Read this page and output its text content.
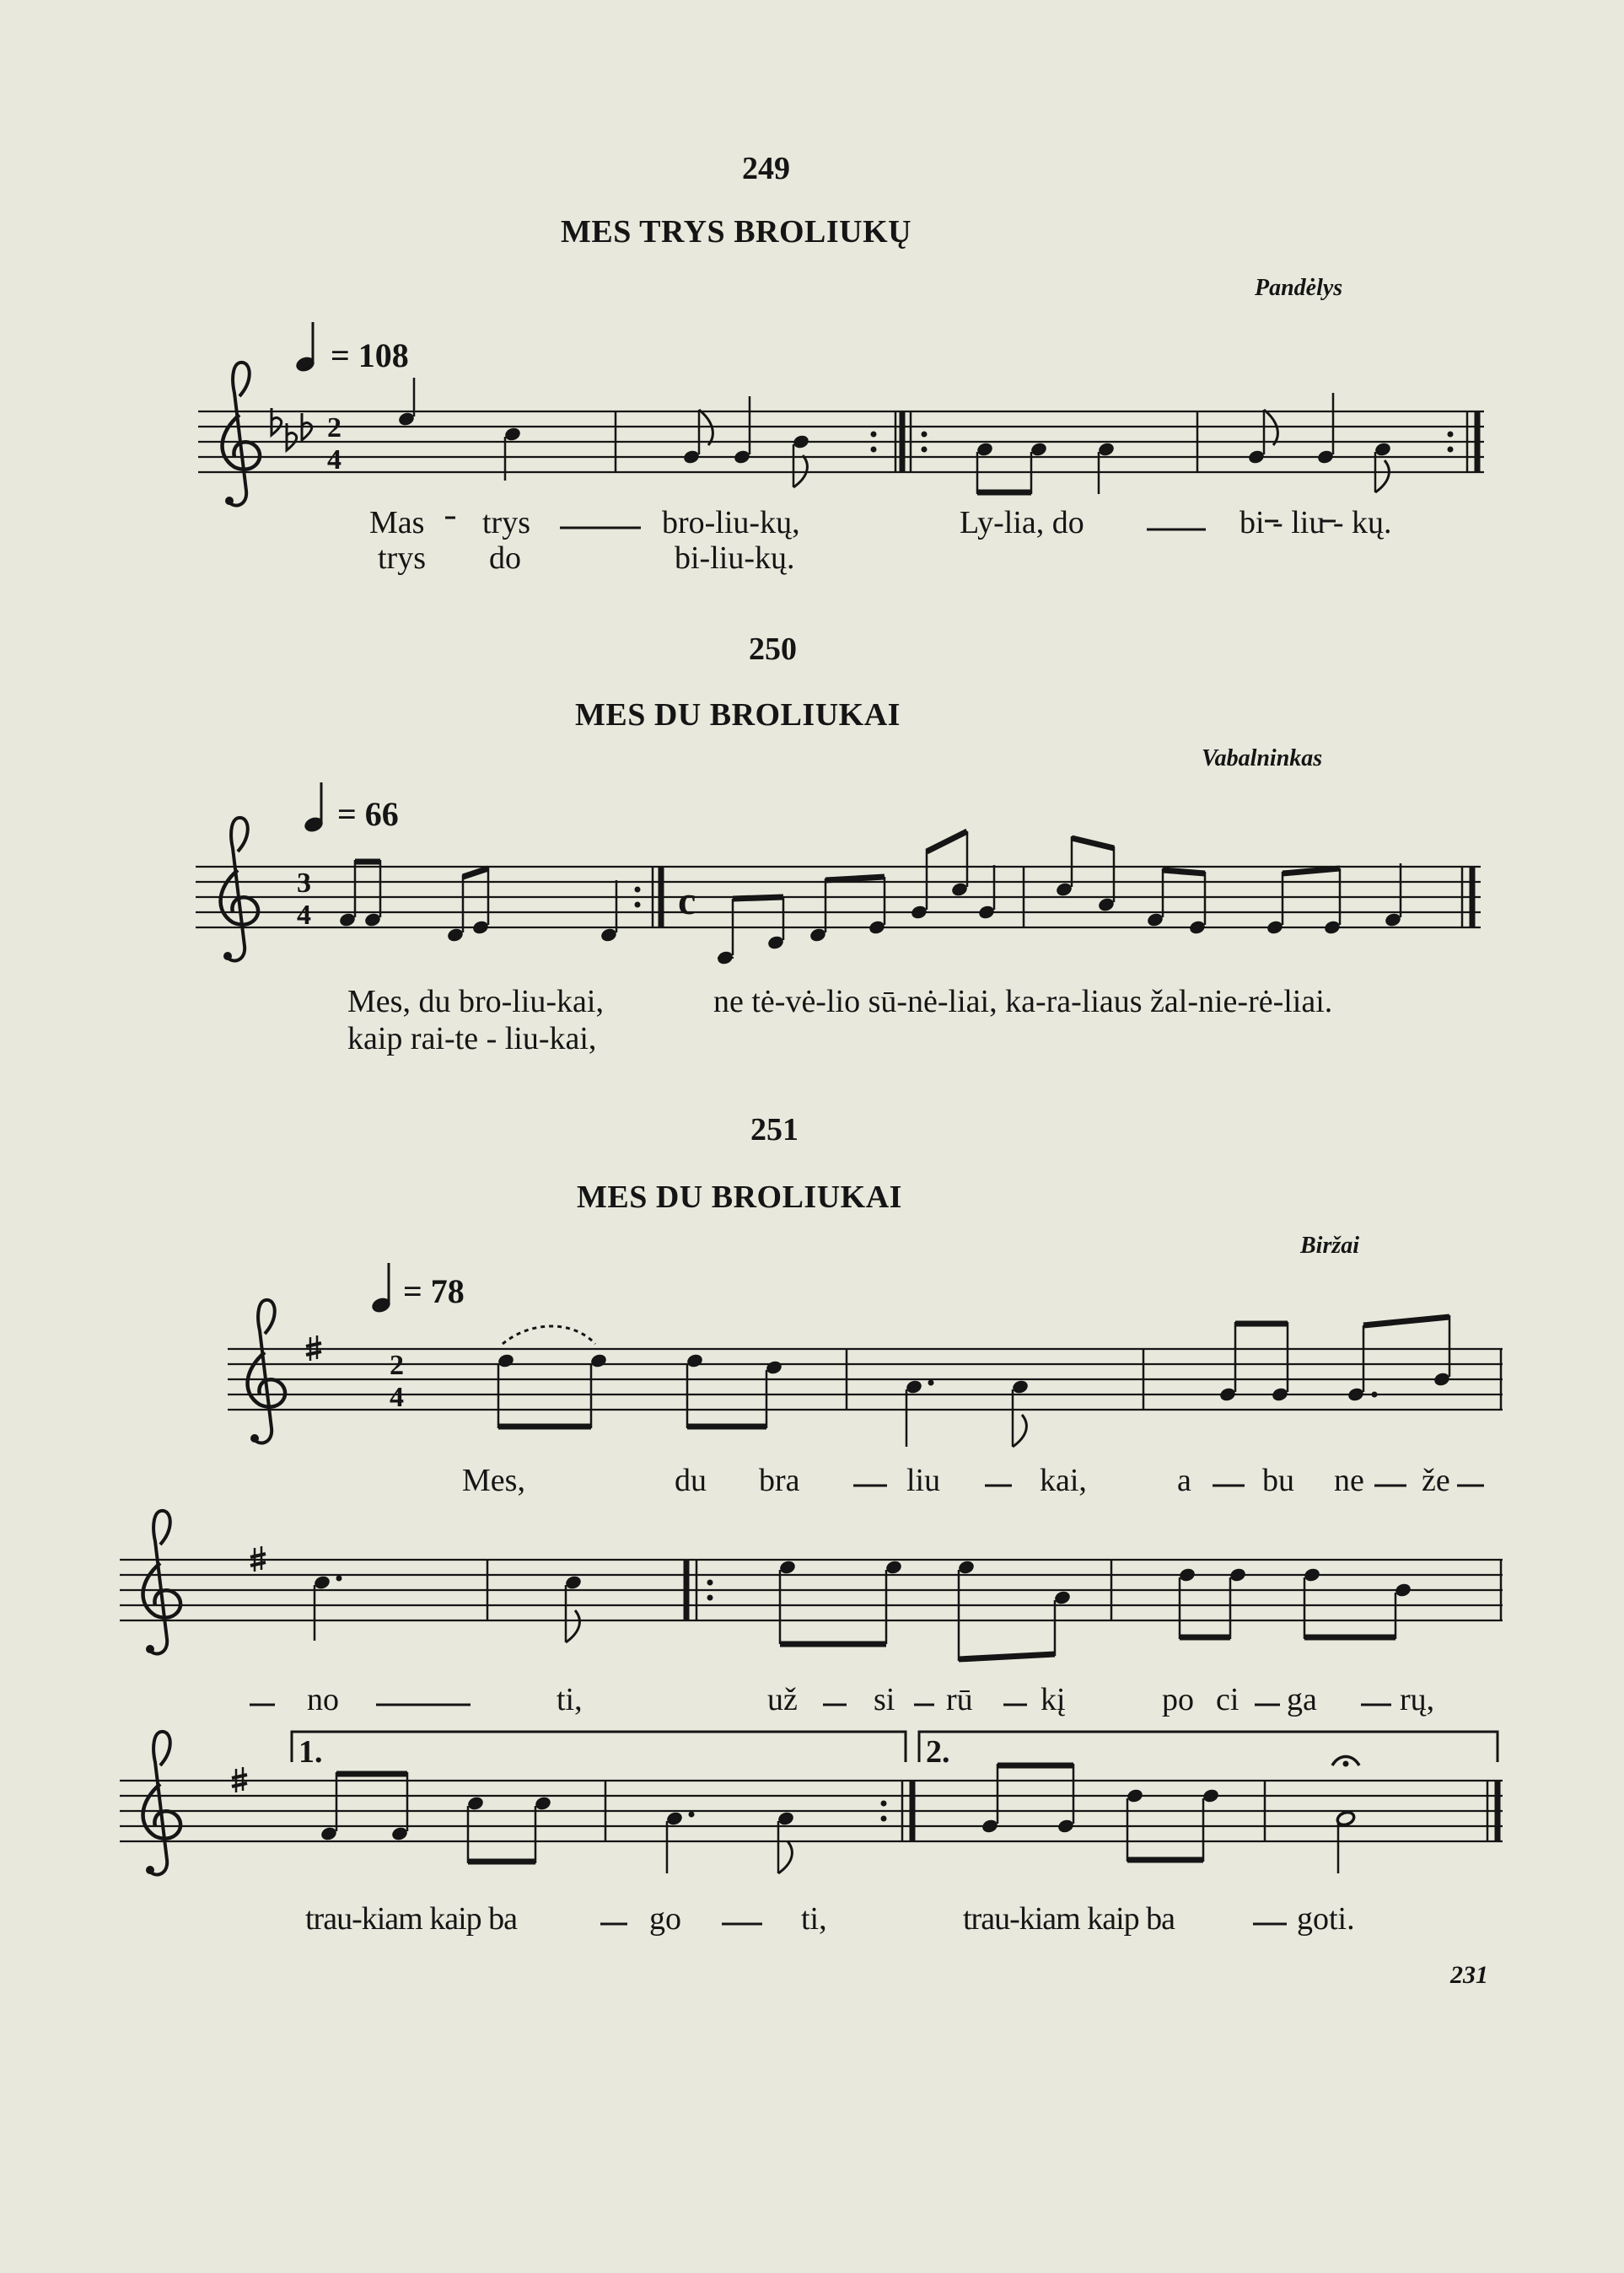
249
MES TRYS BROLIUKŲ
Pandėlys
= 108
Mas trys	bro-liu-kų,	Ly-lia, do	bi - liu - kų.
trys do	bi-liu-kų.
250
MES DU BROLIUKAI
Vabalninkas
= 66
Mes, du bro-liu-kai,	ne tė-vė-lio sū-nė-liai, ka-ra-liaus žal-nie-rė-liai.
kaip rai-te - liu-kai,
251
MES DU BROLIUKAI
Biržai
= 78
Mes,	du bra	liu	kai,	a bu ne že
no	ti,	už si rū kį	po ci ga	rų,
trau-kiam kaip ba	go	ti,	trau-kiam kaip ba	goti.
1.	2.
231
2
4
3
4	c
2
4
